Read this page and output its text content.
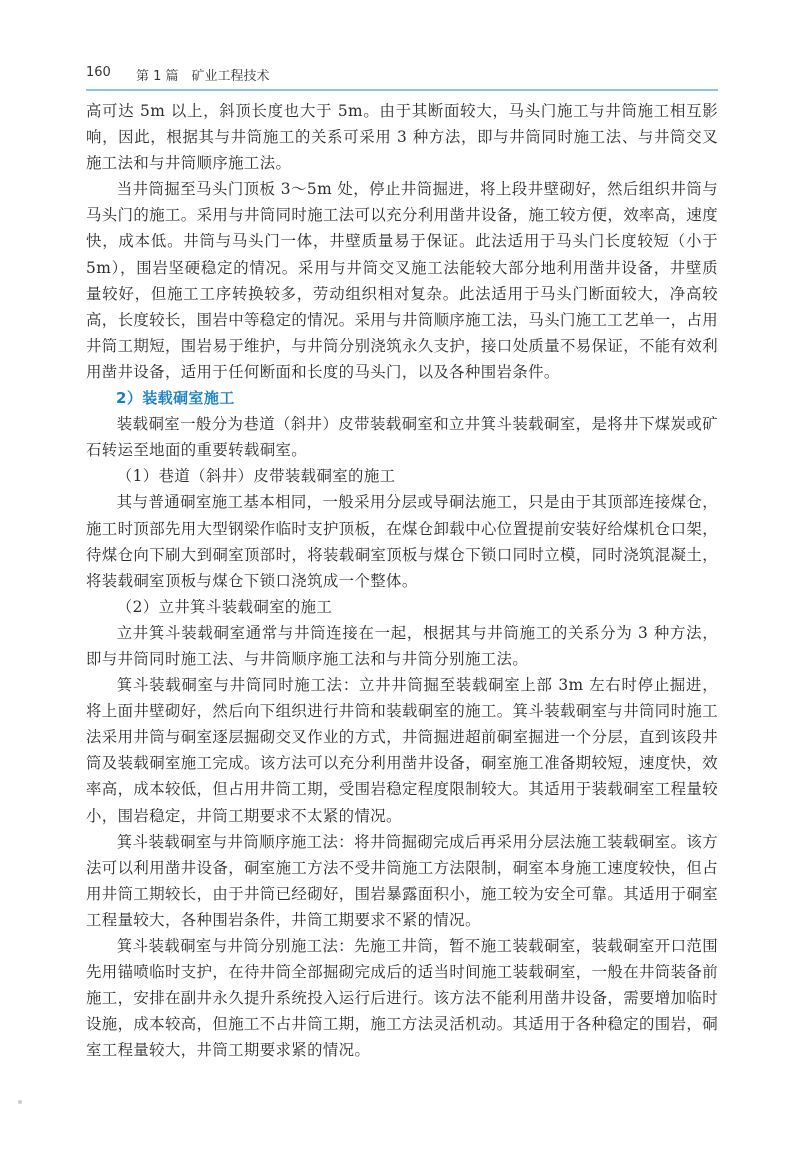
160 第 1 篇　矿业工程技术

高可达 5m 以上，斜顶长度也大于 5m。由于其断面较大，马头门施工与井筒施工相互影响，因此，根据其与井筒施工的关系可采用 3 种方法，即与井筒同时施工法、与井筒交叉施工法和与井筒顺序施工法。

当井筒掘至马头门顶板 3～5m 处，停止井筒掘进，将上段井壁砌好，然后组织井筒与马头门的施工。采用与井筒同时施工法可以充分利用凿井设备，施工较方便，效率高，速度快，成本低。井筒与马头门一体，井壁质量易于保证。此法适用于马头门长度较短（小于 5m），围岩坚硬稳定的情况。采用与井筒交叉施工法能较大部分地利用凿井设备，井壁质量较好，但施工工序转换较多，劳动组织相对复杂。此法适用于马头门断面较大，净高较高，长度较长，围岩中等稳定的情况。采用与井筒顺序施工法，马头门施工工艺单一，占用井筒工期短，围岩易于维护，与井筒分别浇筑永久支护，接口处质量不易保证，不能有效利用凿井设备，适用于任何断面和长度的马头门，以及各种围岩条件。

2）装载硐室施工

装载硐室一般分为巷道（斜井）皮带装载硐室和立井箕斗装载硐室，是将井下煤炭或矿石转运至地面的重要转载硐室。

（1）巷道（斜井）皮带装载硐室的施工

其与普通硐室施工基本相同，一般采用分层或导硐法施工，只是由于其顶部连接煤仓，施工时顶部先用大型钢梁作临时支护顶板，在煤仓卸载中心位置提前安装好给煤机仓口架，待煤仓向下刷大到硐室顶部时，将装载硐室顶板与煤仓下锁口同时立模，同时浇筑混凝土，将装载硐室顶板与煤仓下锁口浇筑成一个整体。

（2）立井箕斗装载硐室的施工

立井箕斗装载硐室通常与井筒连接在一起，根据其与井筒施工的关系分为 3 种方法，即与井筒同时施工法、与井筒顺序施工法和与井筒分别施工法。

箕斗装载硐室与井筒同时施工法：立井井筒掘至装载硐室上部 3m 左右时停止掘进，将上面井壁砌好，然后向下组织进行井筒和装载硐室的施工。箕斗装载硐室与井筒同时施工法采用井筒与硐室逐层掘砌交叉作业的方式，井筒掘进超前硐室掘进一个分层，直到该段井筒及装载硐室施工完成。该方法可以充分利用凿井设备，硐室施工准备期较短，速度快，效率高，成本较低，但占用井筒工期，受围岩稳定程度限制较大。其适用于装载硐室工程量较小，围岩稳定，井筒工期要求不太紧的情况。

箕斗装载硐室与井筒顺序施工法：将井筒掘砌完成后再采用分层法施工装载硐室。该方法可以利用凿井设备，硐室施工方法不受井筒施工方法限制，硐室本身施工速度较快，但占用井筒工期较长，由于井筒已经砌好，围岩暴露面积小，施工较为安全可靠。其适用于硐室工程量较大，各种围岩条件，井筒工期要求不紧的情况。

箕斗装载硐室与井筒分别施工法：先施工井筒，暂不施工装载硐室，装载硐室开口范围先用锚喷临时支护，在待井筒全部掘砌完成后的适当时间施工装载硐室，一般在井筒装备前施工，安排在副井永久提升系统投入运行后进行。该方法不能利用凿井设备，需要增加临时设施，成本较高，但施工不占井筒工期，施工方法灵活机动。其适用于各种稳定的围岩，硐室工程量较大，井筒工期要求紧的情况。
